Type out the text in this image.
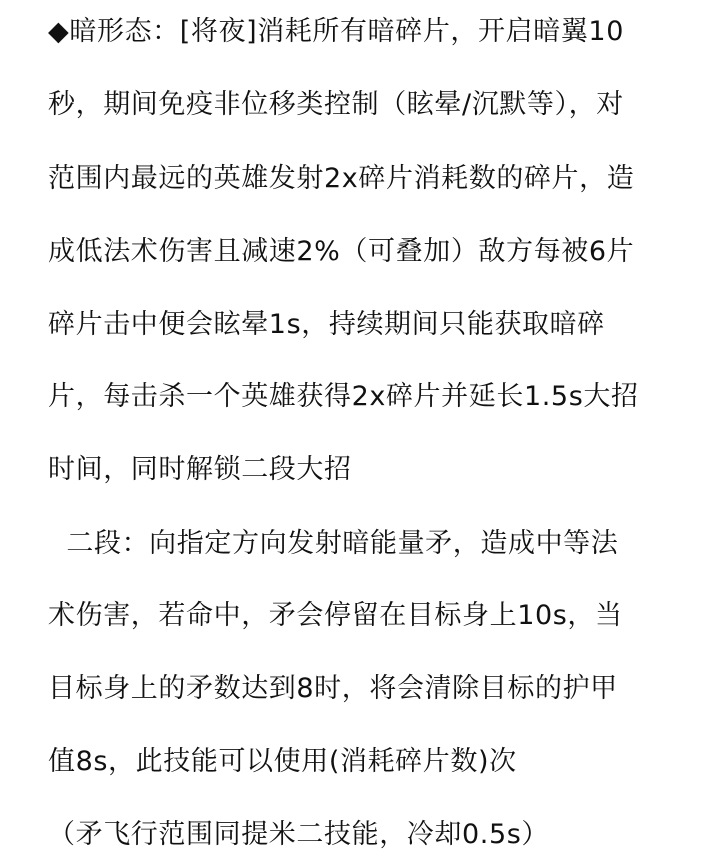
◆暗形态：[将夜]消耗所有暗碎片，开启暗翼10
秒，期间免疫非位移类控制（眩晕/沉默等），对
范围内最远的英雄发射2x碎片消耗数的碎片，造
成低法术伤害且减速2%（可叠加）敌方每被6片
碎片击中便会眩晕1s，持续期间只能获取暗碎
片，每击杀一个英雄获得2x碎片并延长1.5s大招
时间，同时解锁二段大招
二段：向指定方向发射暗能量矛，造成中等法
术伤害，若命中，矛会停留在目标身上10s，当
目标身上的矛数达到8时，将会清除目标的护甲
值8s，此技能可以使用(消耗碎片数)次
（矛飞行范围同提米二技能，冷却0.5s）
